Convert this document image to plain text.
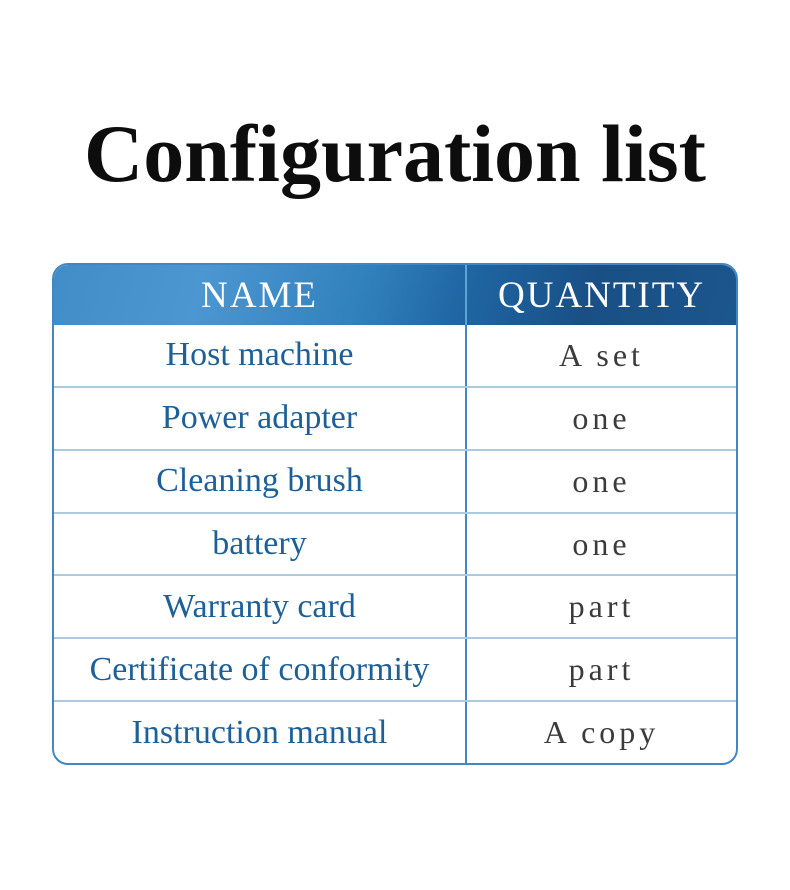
Configuration list
NAME	QUANTITY
Host machine	A set
Power adapter	one
Cleaning brush	one
battery	one
Warranty card	part
Certificate of conformity	part
Instruction manual	A copy
